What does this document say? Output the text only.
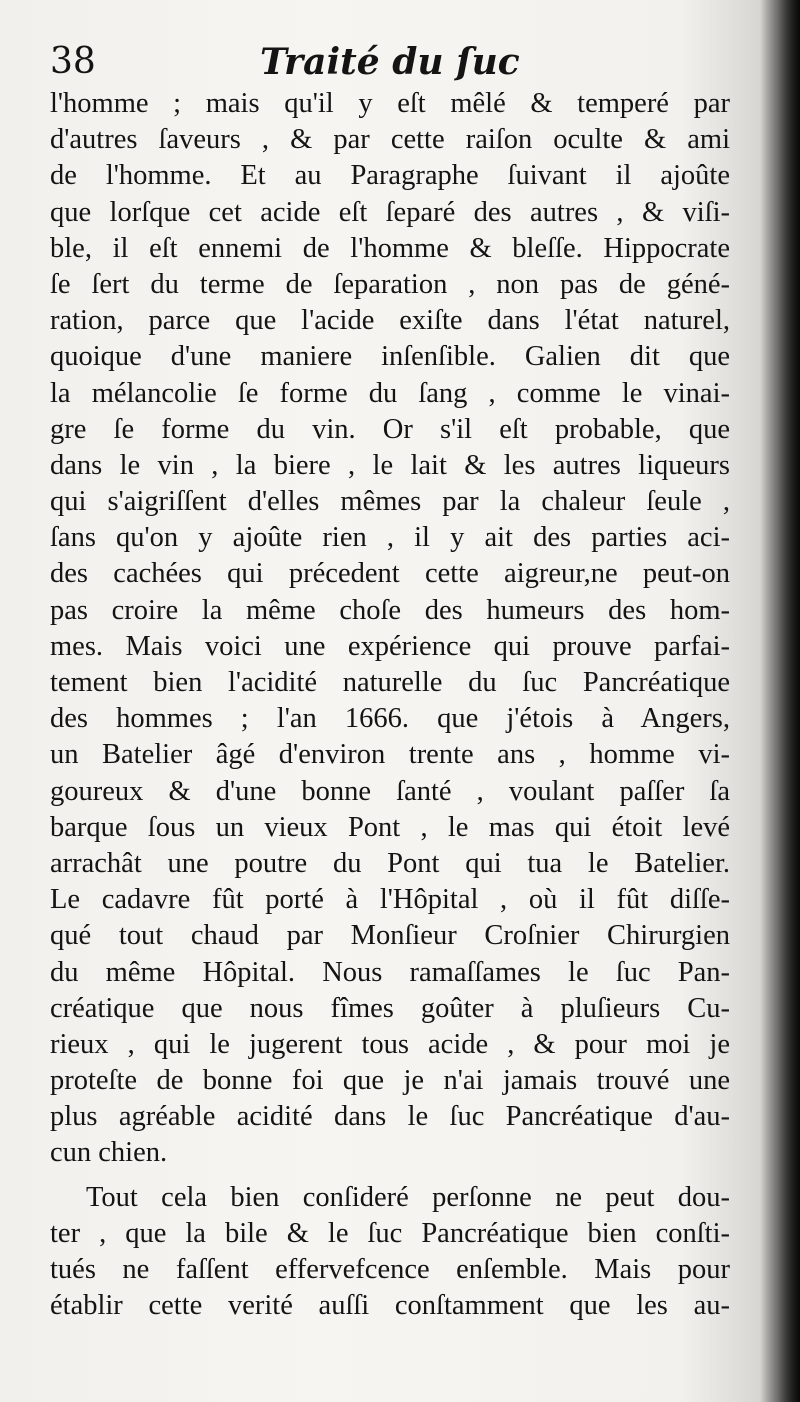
38	Traité du ſuc
l'homme ; mais qu'il y eſt mêlé & temperé par
d'autres ſaveurs , & par cette raiſon oculte & ami
de l'homme. Et au Paragraphe ſuivant il ajoûte
que lorſque cet acide eſt ſeparé des autres , & viſi-
ble, il eſt ennemi de l'homme & bleſſe. Hippocrate
ſe ſert du terme de ſeparation , non pas de géné-
ration, parce que l'acide exiſte dans l'état naturel,
quoique d'une maniere inſenſible. Galien dit que
la mélancolie ſe forme du ſang , comme le vinai-
gre ſe forme du vin. Or s'il eſt probable, que
dans le vin , la biere , le lait & les autres liqueurs
qui s'aigriſſent d'elles mêmes par la chaleur ſeule ,
ſans qu'on y ajoûte rien , il y ait des parties aci-
des cachées qui précedent cette aigreur,ne peut-on
pas croire la même choſe des humeurs des hom-
mes. Mais voici une expérience qui prouve parfai-
tement bien l'acidité naturelle du ſuc Pancréatique
des hommes ; l'an 1666. que j'étois à Angers,
un Batelier âgé d'environ trente ans , homme vi-
goureux & d'une bonne ſanté , voulant paſſer ſa
barque ſous un vieux Pont , le mas qui étoit levé
arrachât une poutre du Pont qui tua le Batelier.
Le cadavre fût porté à l'Hôpital , où il fût diſſe-
qué tout chaud par Monſieur Croſnier Chirurgien
du même Hôpital. Nous ramaſſames le ſuc Pan-
créatique que nous fîmes goûter à pluſieurs Cu-
rieux , qui le jugerent tous acide , & pour moi je
proteſte de bonne foi que je n'ai jamais trouvé une
plus agréable acidité dans le ſuc Pancréatique d'au-
cun chien.
Tout cela bien conſideré perſonne ne peut dou-
ter , que la bile & le ſuc Pancréatique bien conſti-
tués ne faſſent effervefcence enſemble. Mais pour
établir cette verité auſſi conſtamment que les au-
